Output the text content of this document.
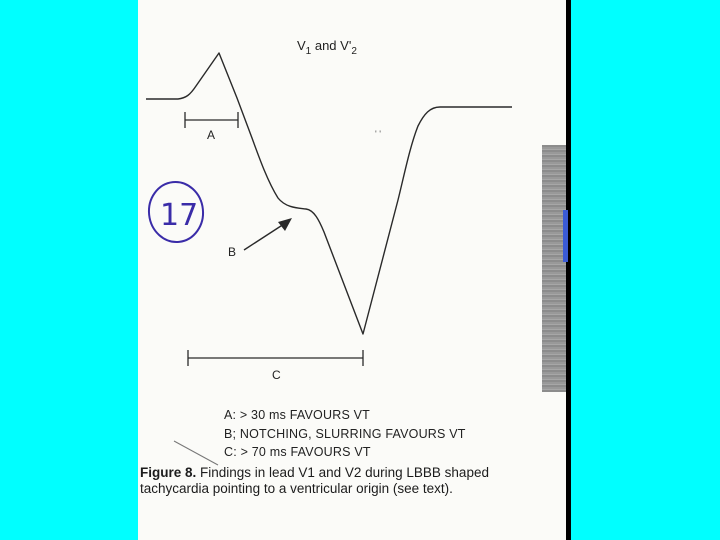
$V_1$ and $V'_2$
A
B
C
' '
17
A: > 30 ms FAVOURS VT
B; NOTCHING, SLURRING FAVOURS VT
C: > 70 ms FAVOURS VT
Figure 8. Findings in lead V1 and V2 during LBBB shaped tachycardia pointing to a ventricular origin (see text).
